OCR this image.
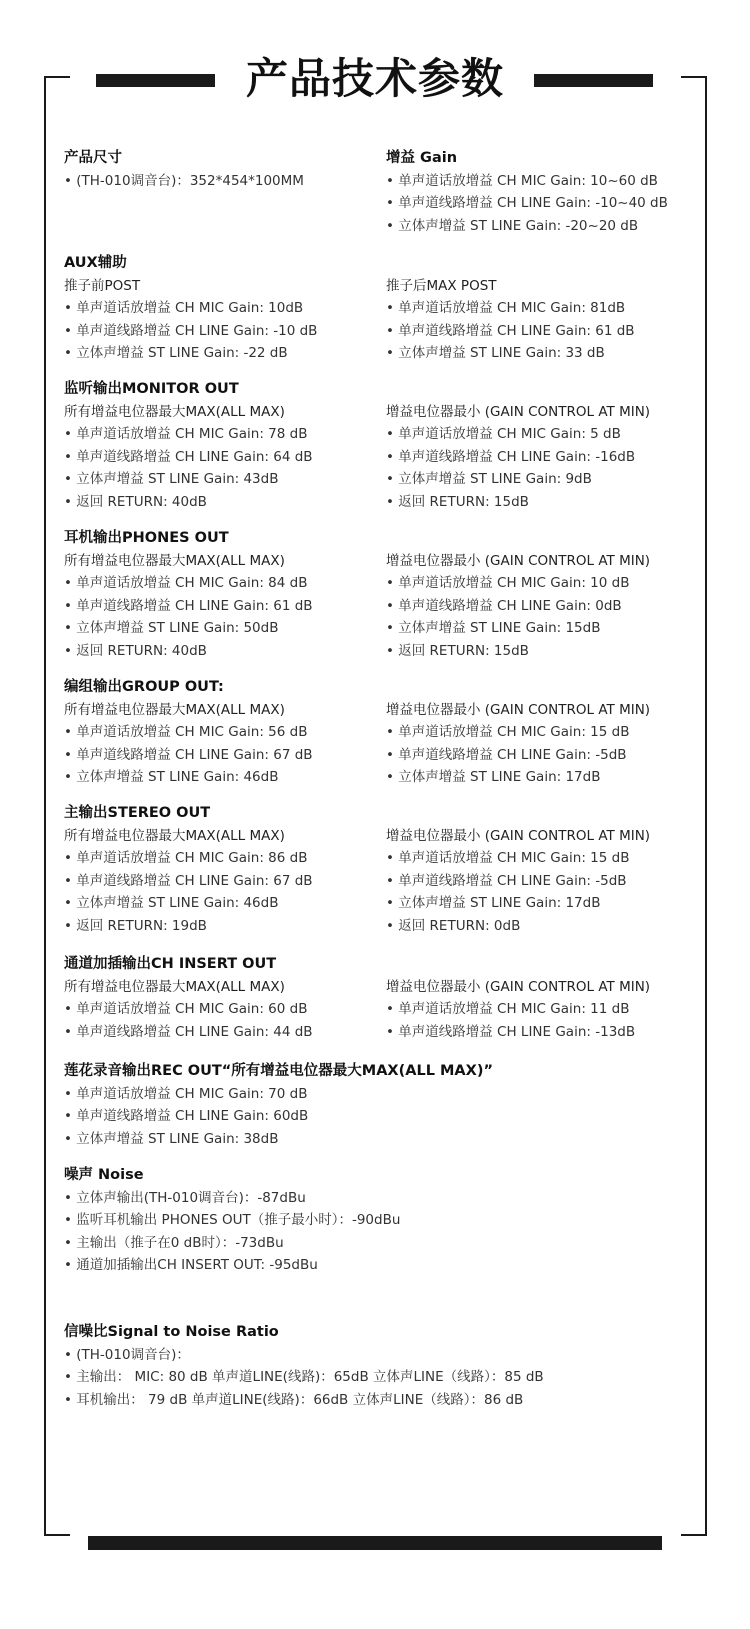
产品技术参数
产品尺寸
• (TH-010调音台)：352*454*100MM
增益 Gain
• 单声道话放增益 CH MIC Gain: 10~60 dB
• 单声道线路增益 CH LINE Gain: -10~40 dB
• 立体声增益 ST LINE Gain: -20~20 dB
AUX辅助
推子前POST
• 单声道话放增益 CH MIC Gain: 10dB
• 单声道线路增益 CH LINE Gain: -10 dB
• 立体声增益 ST LINE Gain: -22 dB
推子后MAX POST
• 单声道话放增益 CH MIC Gain: 81dB
• 单声道线路增益 CH LINE Gain: 61 dB
• 立体声增益 ST LINE Gain: 33 dB
监听输出MONITOR OUT
所有增益电位器最大MAX(ALL MAX)
• 单声道话放增益 CH MIC Gain: 78 dB
• 单声道线路增益 CH LINE Gain: 64 dB
• 立体声增益 ST LINE Gain: 43dB
• 返回 RETURN: 40dB
增益电位器最小 (GAIN CONTROL AT MIN)
• 单声道话放增益 CH MIC Gain: 5 dB
• 单声道线路增益 CH LINE Gain: -16dB
• 立体声增益 ST LINE Gain: 9dB
• 返回 RETURN: 15dB
耳机输出PHONES OUT
所有增益电位器最大MAX(ALL MAX)
• 单声道话放增益 CH MIC Gain: 84 dB
• 单声道线路增益 CH LINE Gain: 61 dB
• 立体声增益 ST LINE Gain: 50dB
• 返回 RETURN: 40dB
增益电位器最小 (GAIN CONTROL AT MIN)
• 单声道话放增益 CH MIC Gain: 10 dB
• 单声道线路增益 CH LINE Gain: 0dB
• 立体声增益 ST LINE Gain: 15dB
• 返回 RETURN: 15dB
编组输出GROUP OUT:
所有增益电位器最大MAX(ALL MAX)
• 单声道话放增益 CH MIC Gain: 56 dB
• 单声道线路增益 CH LINE Gain: 67 dB
• 立体声增益 ST LINE Gain: 46dB
增益电位器最小 (GAIN CONTROL AT MIN)
• 单声道话放增益 CH MIC Gain: 15 dB
• 单声道线路增益 CH LINE Gain: -5dB
• 立体声增益 ST LINE Gain: 17dB
主输出STEREO OUT
所有增益电位器最大MAX(ALL MAX)
• 单声道话放增益 CH MIC Gain: 86 dB
• 单声道线路增益 CH LINE Gain: 67 dB
• 立体声增益 ST LINE Gain: 46dB
• 返回 RETURN: 19dB
增益电位器最小 (GAIN CONTROL AT MIN)
• 单声道话放增益 CH MIC Gain: 15 dB
• 单声道线路增益 CH LINE Gain: -5dB
• 立体声增益 ST LINE Gain: 17dB
• 返回 RETURN: 0dB
通道加插输出CH INSERT OUT
所有增益电位器最大MAX(ALL MAX)
• 单声道话放增益 CH MIC Gain: 60 dB
• 单声道线路增益 CH LINE Gain: 44 dB
增益电位器最小 (GAIN CONTROL AT MIN)
• 单声道话放增益 CH MIC Gain: 11 dB
• 单声道线路增益 CH LINE Gain: -13dB
莲花录音输出REC OUT“所有增益电位器最大MAX(ALL MAX)”
• 单声道话放增益 CH MIC Gain: 70 dB
• 单声道线路增益 CH LINE Gain: 60dB
• 立体声增益 ST LINE Gain: 38dB
噪声 Noise
• 立体声输出(TH-010调音台)：-87dBu
• 监听耳机输出 PHONES OUT（推子最小时）：-90dBu
• 主输出（推子在0 dB时）：-73dBu
• 通道加插输出CH INSERT OUT: -95dBu
信噪比Signal to Noise Ratio
• (TH-010调音台)：
• 主输出： MIC: 80 dB 单声道LINE(线路)：65dB 立体声LINE（线路）：85 dB
• 耳机输出： 79 dB 单声道LINE(线路)：66dB 立体声LINE（线路）：86 dB
